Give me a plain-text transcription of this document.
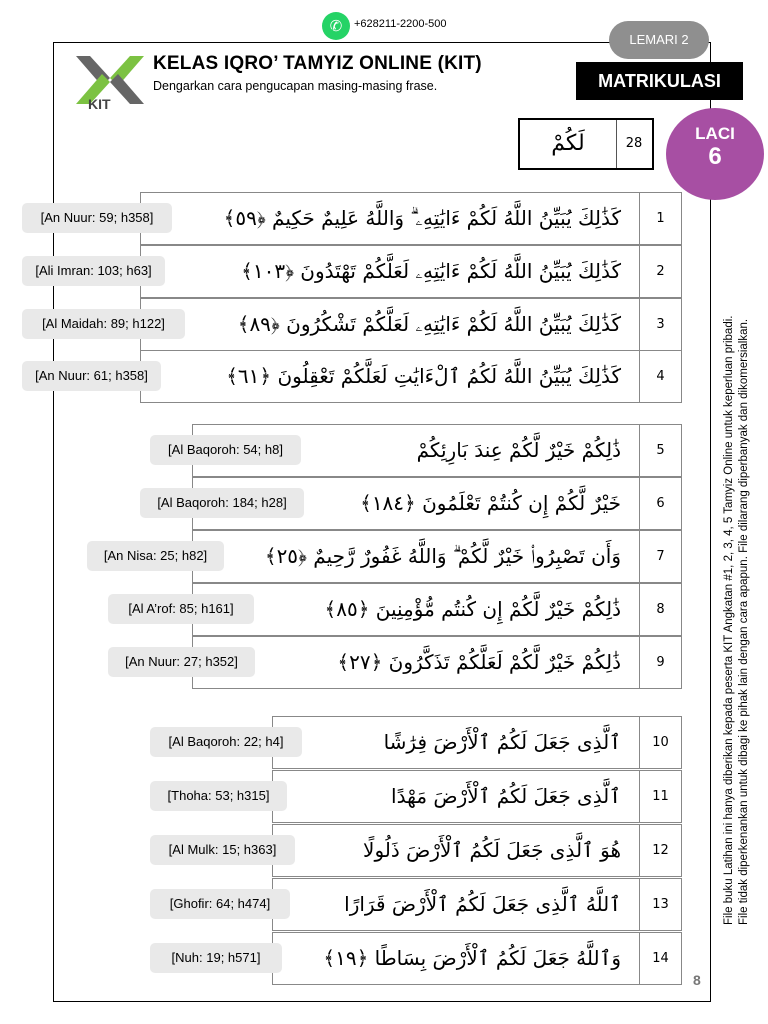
✆	+628211-2200-500
KIT
KELAS IQRO’ TAMYIZ ONLINE (KIT)
Dengarkan cara pengucapan masing-masing frase.
LEMARI 2
MATRIKULASI
LACI
6
لَكُمْ	28
كَذَٰلِكَ يُبَيِّنُ اللَّهُ لَكُمْ ءَايَٰتِهِۦ ۗ وَاللَّهُ عَلِيمٌ حَكِيمٌ ﴿٥٩﴾	1
[An Nuur: 59; h358]
كَذَٰلِكَ يُبَيِّنُ اللَّهُ لَكُمْ ءَايَٰتِهِۦ لَعَلَّكُمْ تَهْتَدُونَ ﴿١٠٣﴾	2
[Ali Imran: 103; h63]
كَذَٰلِكَ يُبَيِّنُ اللَّهُ لَكُمْ ءَايَٰتِهِۦ لَعَلَّكُمْ تَشْكُرُونَ ﴿٨٩﴾	3
[Al Maidah: 89; h122]
كَذَٰلِكَ يُبَيِّنُ اللَّهُ لَكُمُ ٱلْءَايَٰتِ لَعَلَّكُمْ تَعْقِلُونَ ﴿٦١﴾	4
[An Nuur: 61; h358]
ذَٰلِكُمْ خَيْرٌ لَّكُمْ عِندَ بَارِئِكُمْ	5
[Al Baqoroh: 54; h8]
خَيْرٌ لَّكُمْ إِن كُنتُمْ تَعْلَمُونَ ﴿١٨٤﴾	6
[Al Baqoroh: 184; h28]
وَأَن تَصْبِرُوا۟ خَيْرٌ لَّكُمْ ۗ وَاللَّهُ غَفُورٌ رَّحِيمٌ ﴿٢٥﴾	7
[An Nisa: 25; h82]
ذَٰلِكُمْ خَيْرٌ لَّكُمْ إِن كُنتُم مُّؤْمِنِينَ ﴿٨٥﴾	8
[Al A’rof: 85; h161]
ذَٰلِكُمْ خَيْرٌ لَّكُمْ لَعَلَّكُمْ تَذَكَّرُونَ ﴿٢٧﴾	9
[An Nuur: 27; h352]
ٱلَّذِى جَعَلَ لَكُمُ ٱلْأَرْضَ فِرَٰشًا	10
[Al Baqoroh: 22; h4]
ٱلَّذِى جَعَلَ لَكُمُ ٱلْأَرْضَ مَهْدًا	11
[Thoha: 53; h315]
هُوَ ٱلَّذِى جَعَلَ لَكُمُ ٱلْأَرْضَ ذَلُولًا	12
[Al Mulk: 15; h363]
ٱللَّهُ ٱلَّذِى جَعَلَ لَكُمُ ٱلْأَرْضَ قَرَارًا	13
[Ghofir: 64; h474]
وَٱللَّهُ جَعَلَ لَكُمُ ٱلْأَرْضَ بِسَاطًا ﴿١٩﴾	14
[Nuh: 19; h571]
File buku Latihan ini hanya diberikan kepada peserta KIT Angkatan #1, 2, 3, 4, 5 Tamyiz Online untuk keperluan pribadi. File tidak diperkenankan untuk dibagi ke pihak lain dengan cara apapun. File dilarang diperbanyak dan dikomersialkan.
8
